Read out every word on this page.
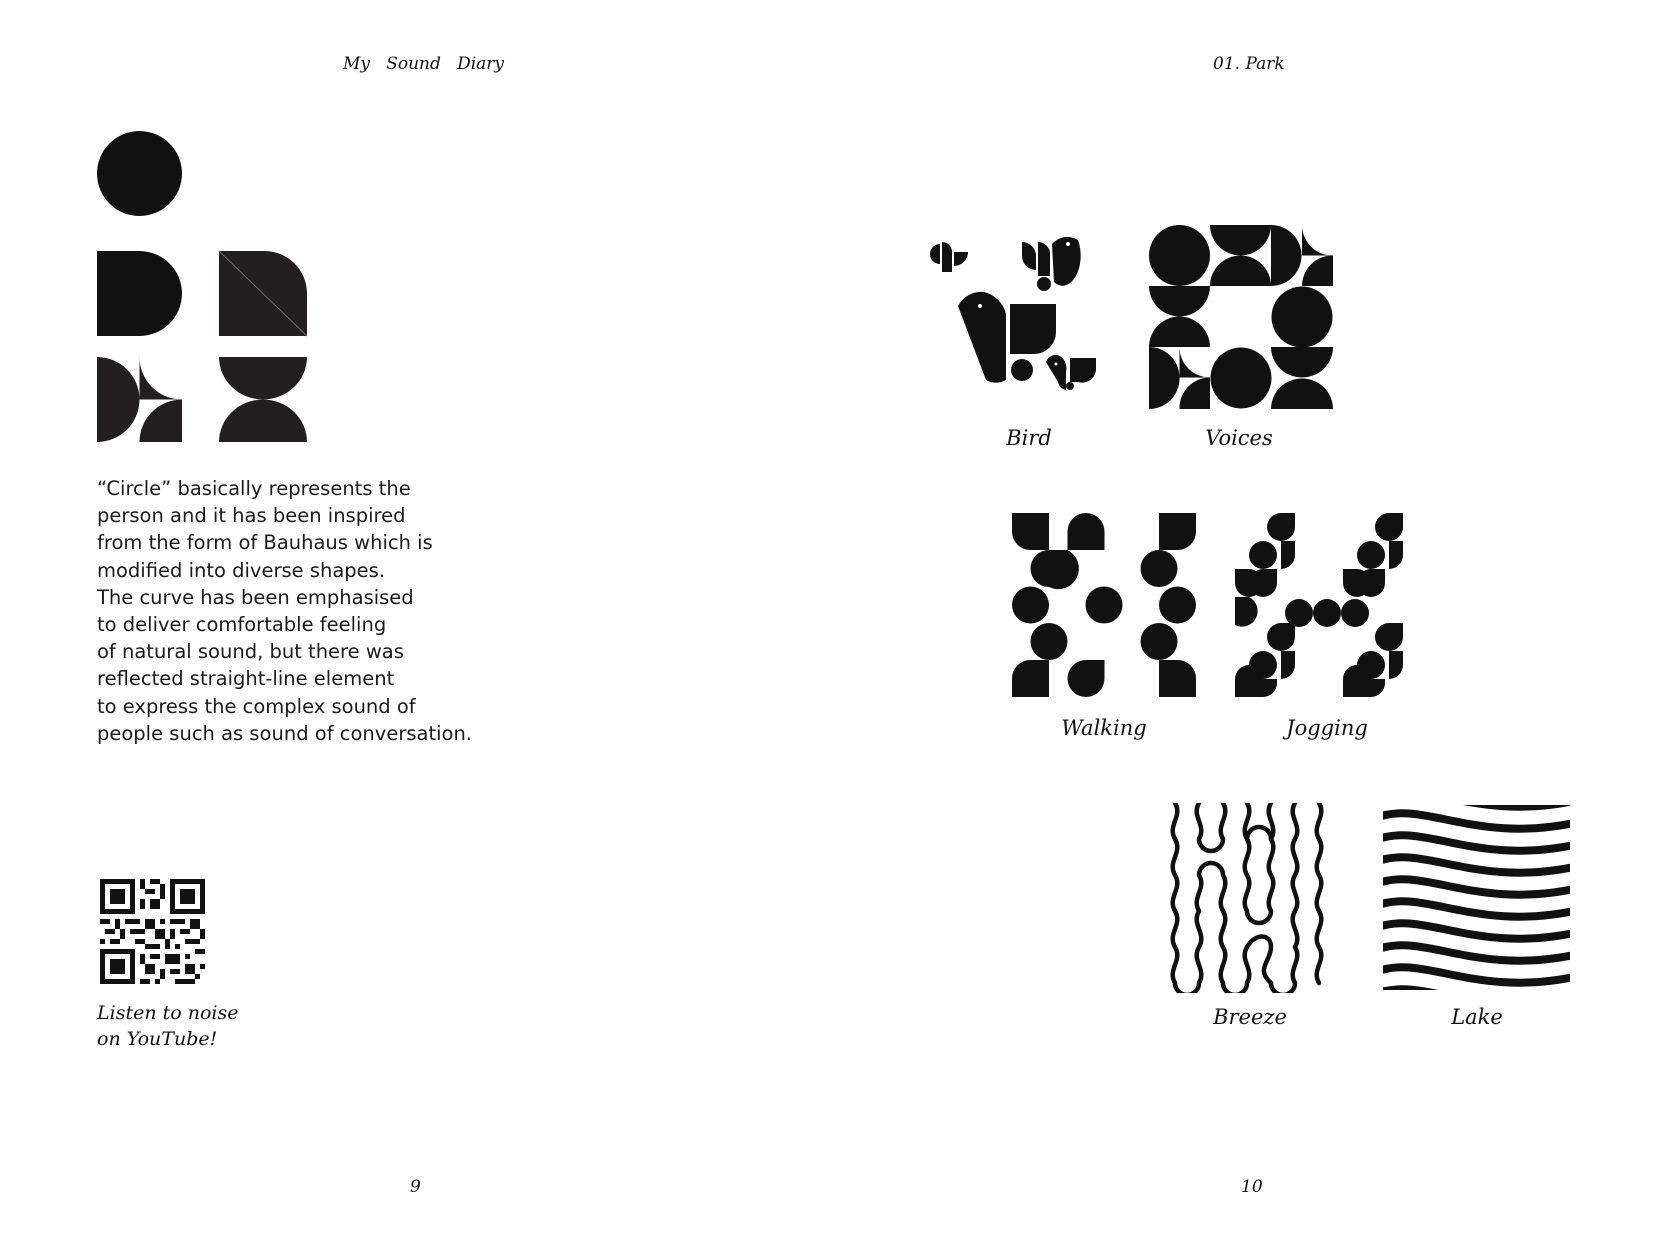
My   Sound   Diary
“Circle” basically represents the
person and it has been inspired
from the form of Bauhaus which is
modified into diverse shapes.
The curve has been emphasised
to deliver comfortable feeling
of natural sound, but there was
reflected straight-line element
to express the complex sound of
people such as sound of conversation.
Listen to noise
on YouTube!
9
01. Park
Bird	Voices
Walking	Jogging
Breeze	Lake
10
